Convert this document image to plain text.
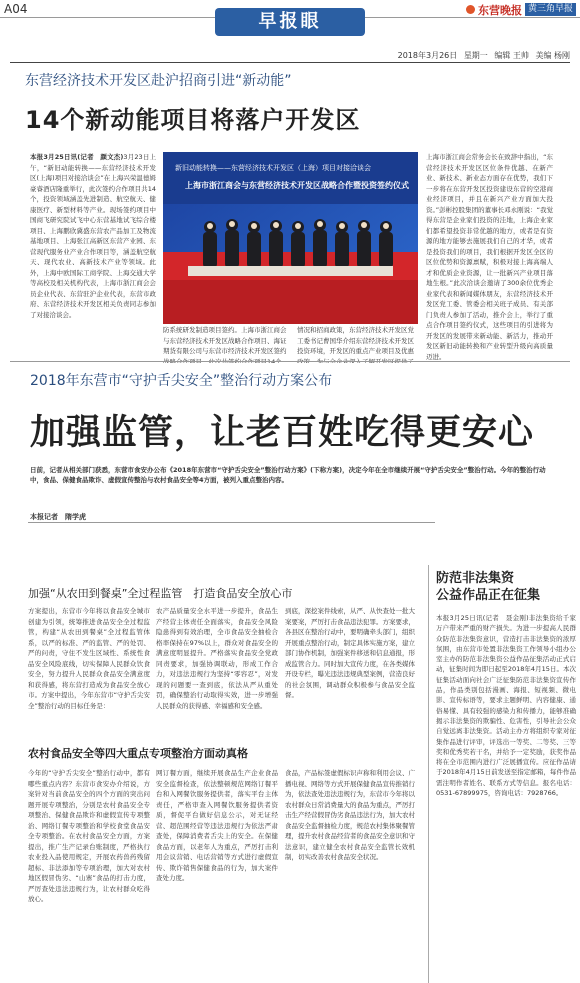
A04
早报眼
东营晚报 黄三角早报
2018年3月26日 星期一 编辑 王帅 美编 杨刚
东营经济技术开发区赴沪招商引进“新动能”
14个新动能项目将落户开发区
本报3月25日讯(记者　颜文杰)3月23日上午，“新旧动能转换——东营经济技术开发区(上海)项目对接洽谈会”在上海兴荣温德姆豪睿酒店隆重举行，此次签约合作项目共14个，投资领域涵盖先进制造、航空航天、健康医疗、新型材料等产业。现场签约项目中国商飞研究院试飞中心东营基地试飞综合楼项目、上海鹏欣冀盛东营农产品加工及物流基地项目、上海张江高新区东营产业园、东营现代服务业产业合作项目等，涵盖航空航天、现代农业、高新技术产业等领域。此外，上海中欧国际工商学院、上海交通大学等高校及相关机构代表，上海市浙江商会会员企业代表、东营驻沪企业代表，东营市政府、东营经济技术开发区相关负责同志参加了对接洽谈会。
新旧动能转换——东营经济技术开发区（上海）项目对接洽谈会
上海市浙江商会与东营经济技术开发区战略合作暨投资签约仪式
防系统研发制造项目签约。上海市浙江商会与东营经济技术开发区战略合作项目、海证期货有限公司与东营市经济技术开发区签约
情况和招商政策，东营经济技术开发区党工委书记曹国华介绍东营经济技术开发区投资环境，开发区的重点产业项目及优惠
上海市浙江商会常务会长在致辞中指出，“东营经济技术开发区区位条件优越、在新产业、新技术、新业态方面存在优势，我们下一步将在东营开发区投资建设东营的空港商业经济项目，并且在新兴产业方面加大投资。”彭彬控股集团的董事长邓永刚说：“我觉得东营是企业家们投资的洼地，上海企业家们都希望投资非常优越的地方，或者是有资源的地方能够去施展我们自己的才华，或者是投资我们的项目，我们根据开发区全区的区位优势和资源禀赋，积极对接上海高端人才和优质企业资源，让一批新兴产业项目落地生根。”此次洽谈会邀请了300余位优秀企业家代表和新闻媒体朋友，东营经济技术开发区党工委、管委会相关班子成员、有关部门负责人参加了活动，推介会上，举行了重点合作项目签约仪式，这些项目的引进将为开发区的发展带来新动能、新活力，推动开发区新旧动能转换和产业转型升级向高质量迈进。
2018年东营市“守护舌尖安全”整治行动方案公布
加强监管，让老百姓吃得更安心
日前，记者从相关部门获悉，东营市食安办公布《2018年东营市“守护舌尖安全”整治行动方案》(下称方案)，决定今年在全市继续开展“守护舌尖安全”整治行动。今年的整治行动中，食品、保健食品欺诈、虚假宣传整治与农村食品安全等4方面，被列入重点整治内容。
本报记者　隋学虎
加强“从农田到餐桌”全过程监管　打造食品安全放心市
方案提出，东营市今年将以食品安全城市创建为引领，统筹推进食品安全全过程监管，构建“从农田到餐桌”全过程监管体系，以严的标准、严的监管、严的处罚、严的问责，守住不发生区域性、系统性食品安全风险底线，切实保障人民群众饮食安全，努力提升人民群众食品安全满意度和获得感，将东营打造成为食品安全放心市。方案中提出，今年东营市“守护舌尖安全”整治行动的目标任务是：
农产品质量安全水平进一步提升，食品生产经营主体责任全面落实，食品安全风险隐患得到有效治理，全市食品安全抽检合格率保持在97%以上，群众对食品安全的满意度明显提升。严格落实食品安全党政同责要求，加强协调联动，形成工作合力，对违法违规行为坚持“零容忍”，对发现的问题要一查到底，依法从严从重处罚，确保整治行动取得实效，进一步增强人民群众的获得感、幸福感和安全感。
到底，深挖案件线索，从严、从快查处一批大案要案，严厉打击食品违法犯罪。方案要求，各县区在整治行动中，要明确牵头部门，组织开展重点整治行动，制定具体实施方案，建立部门协作机制，加强案件移送和信息通报，形成监管合力。同时加大宣传力度，在各类媒体开设专栏，曝光违法违规典型案例，营造良好的社会氛围，调动群众积极参与食品安全监督。
农村食品安全等四大重点专项整治方面动真格
今年的“守护舌尖安全”整治行动中，都有哪些重点内容？东营市食安办介绍说，方案针对当前食品安全的四个方面的突出问题开展专项整治，分别是农村食品安全专项整治、保健食品欺诈和虚假宣传专项整治、网络订餐专项整治和学校食堂食品安全专项整治。在农村食品安全方面，方案提出，推广生产记录台账制度，严格执行农业投入品使用规定，开展农药兽药残留超标、非法添加等专项治理，加大对农村地区假冒伪劣、“山寨”食品的打击力度，严厉查处违法违规行为，让农村群众吃得放心。
网订餐方面，继续开展食品生产企业食品安全监督检查，依法整顿规范网络订餐平台和入网餐饮服务提供者，落实平台主体责任，严格审查入网餐饮服务提供者资质，督促平台做好信息公示，对无证经营、超范围经营等违法违规行为依法严肃查处，保障消费者舌尖上的安全。在保健食品方面，以老年人为重点，严厉打击利用会议营销、电话营销等方式进行虚假宣传、欺诈销售保健食品的行为，加大案件查处力度。
食品，产品标签虚假标识声称和利用会议、广播电视、网络等方式开展保健食品宣传推销行为，依法查处违法违规行为，东营市今年将以农村群众日常消费量大的食品为重点，严厉打击生产经营假冒伪劣食品违法行为，加大农村食品安全监督抽检力度，规范农村集体聚餐管理，提升农村食品经营者的食品安全意识和守法意识，建立健全农村食品安全监管长效机制，切实改善农村食品安全状况。
防范非法集资
公益作品正在征集
本报3月25日讯(记者　聂金刚)非法集资给千家万户带来严重的财产损失。为进一步提高人民群众防范非法集资意识，营造打击非法集资的浓厚氛围，由东营市处置非法集资工作领导小组办公室主办的防范非法集资公益作品征集活动正式启动，征集时间为即日起至2018年4月15日。本次征集活动面向社会广泛征集防范非法集资宣传作品，作品类别包括漫画、海报、短视频、微电影、宣传标语等，要求主题鲜明、内容健康、通俗易懂、具有较强的感染力和传播力，能够准确揭示非法集资的欺骗性、危害性，引导社会公众自觉远离非法集资。活动主办方将组织专家对征集作品进行评审，评选出一等奖、二等奖、三等奖和优秀奖若干名，并给予一定奖励，获奖作品将在全市范围内进行广泛展播宣传。应征作品请于2018年4月15日前发送至指定邮箱，每件作品需注明作者姓名、联系方式等信息。报名电话：0531-67899975，咨询电话：7928766。
